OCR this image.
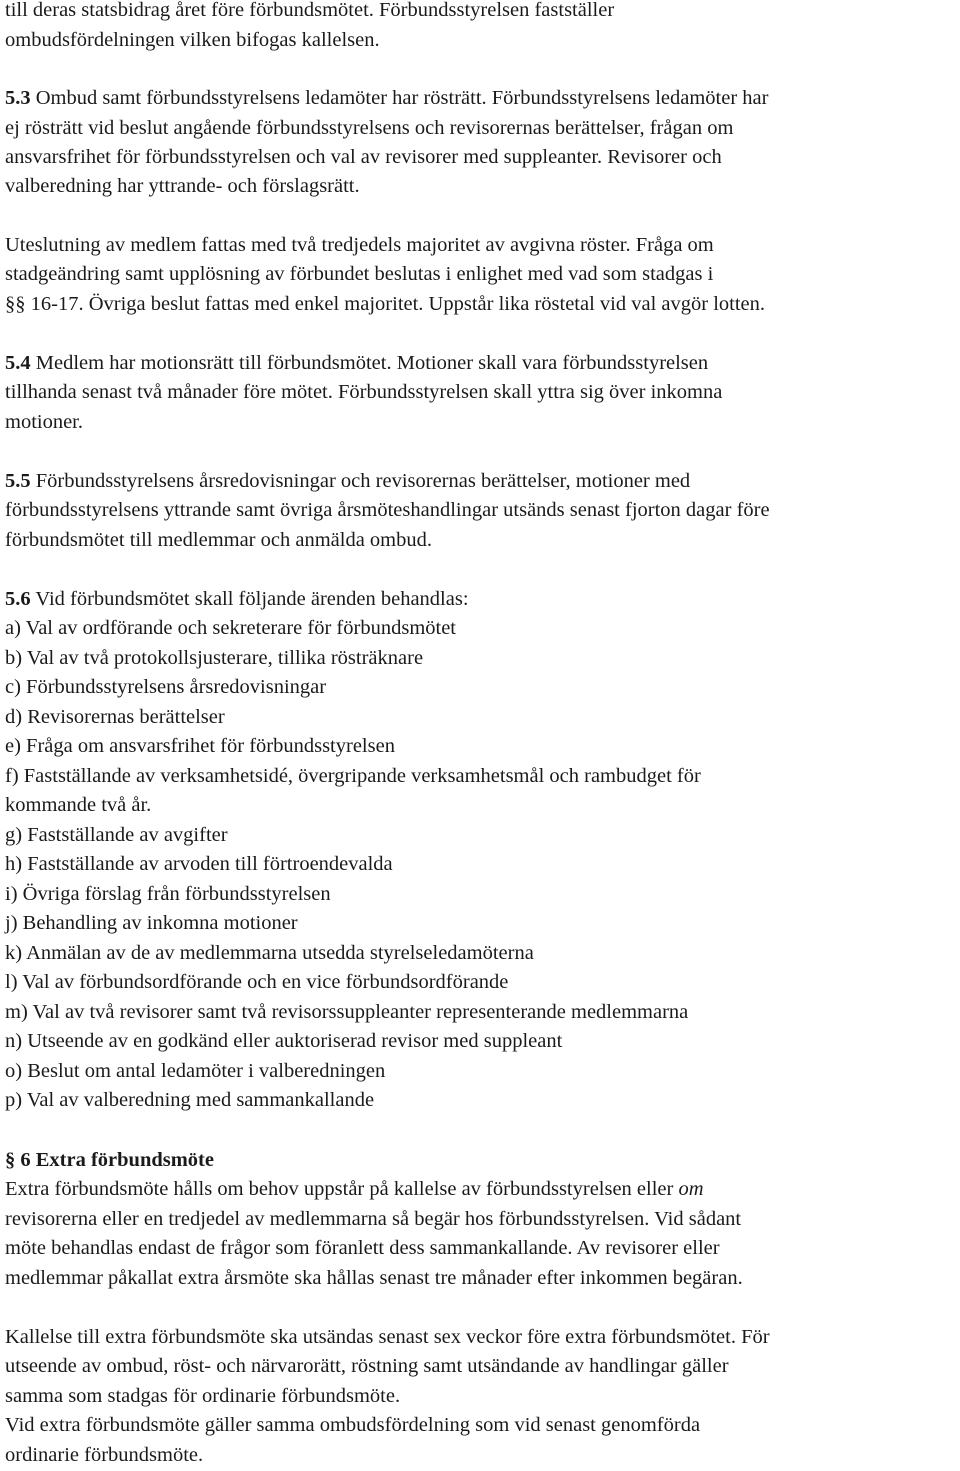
till deras statsbidrag året före förbundsmötet. Förbundsstyrelsen fastställer
ombudsfördelningen vilken bifogas kallelsen.
5.3 Ombud samt förbundsstyrelsens ledamöter har rösträtt. Förbundsstyrelsens ledamöter har
ej rösträtt vid beslut angående förbundsstyrelsens och revisorernas berättelser, frågan om
ansvarsfrihet för förbundsstyrelsen och val av revisorer med suppleanter. Revisorer och
valberedning har yttrande- och förslagsrätt.
Uteslutning av medlem fattas med två tredjedels majoritet av avgivna röster. Fråga om
stadgeändring samt upplösning av förbundet beslutas i enlighet med vad som stadgas i
§§ 16-17. Övriga beslut fattas med enkel majoritet. Uppstår lika röstetal vid val avgör lotten.
5.4 Medlem har motionsrätt till förbundsmötet. Motioner skall vara förbundsstyrelsen
tillhanda senast två månader före mötet. Förbundsstyrelsen skall yttra sig över inkomna
motioner.
5.5 Förbundsstyrelsens årsredovisningar och revisorernas berättelser, motioner med
förbundsstyrelsens yttrande samt övriga årsmöteshandlingar utsänds senast fjorton dagar före
förbundsmötet till medlemmar och anmälda ombud.
5.6 Vid förbundsmötet skall följande ärenden behandlas:
a) Val av ordförande och sekreterare för förbundsmötet
b) Val av två protokollsjusterare, tillika rösträknare
c) Förbundsstyrelsens årsredovisningar
d) Revisorernas berättelser
e) Fråga om ansvarsfrihet för förbundsstyrelsen
f) Fastställande av verksamhetsidé, övergripande verksamhetsmål och rambudget för
kommande två år.
g) Fastställande av avgifter
h) Fastställande av arvoden till förtroendevalda
i) Övriga förslag från förbundsstyrelsen
j) Behandling av inkomna motioner
k) Anmälan av de av medlemmarna utsedda styrelseledamöterna
l) Val av förbundsordförande och en vice förbundsordförande
m) Val av två revisorer samt två revisorssuppleanter representerande medlemmarna
n) Utseende av en godkänd eller auktoriserad revisor med suppleant
o) Beslut om antal ledamöter i valberedningen
p) Val av valberedning med sammankallande
§ 6 Extra förbundsmöte
Extra förbundsmöte hålls om behov uppstår på kallelse av förbundsstyrelsen eller om
revisorerna eller en tredjedel av medlemmarna så begär hos förbundsstyrelsen. Vid sådant
möte behandlas endast de frågor som föranlett dess sammankallande. Av revisorer eller
medlemmar påkallat extra årsmöte ska hållas senast tre månader efter inkommen begäran.
Kallelse till extra förbundsmöte ska utsändas senast sex veckor före extra förbundsmötet. För
utseende av ombud, röst- och närvarorätt, röstning samt utsändande av handlingar gäller
samma som stadgas för ordinarie förbundsmöte.
Vid extra förbundsmöte gäller samma ombudsfördelning som vid senast genomförda
ordinarie förbundsmöte.
